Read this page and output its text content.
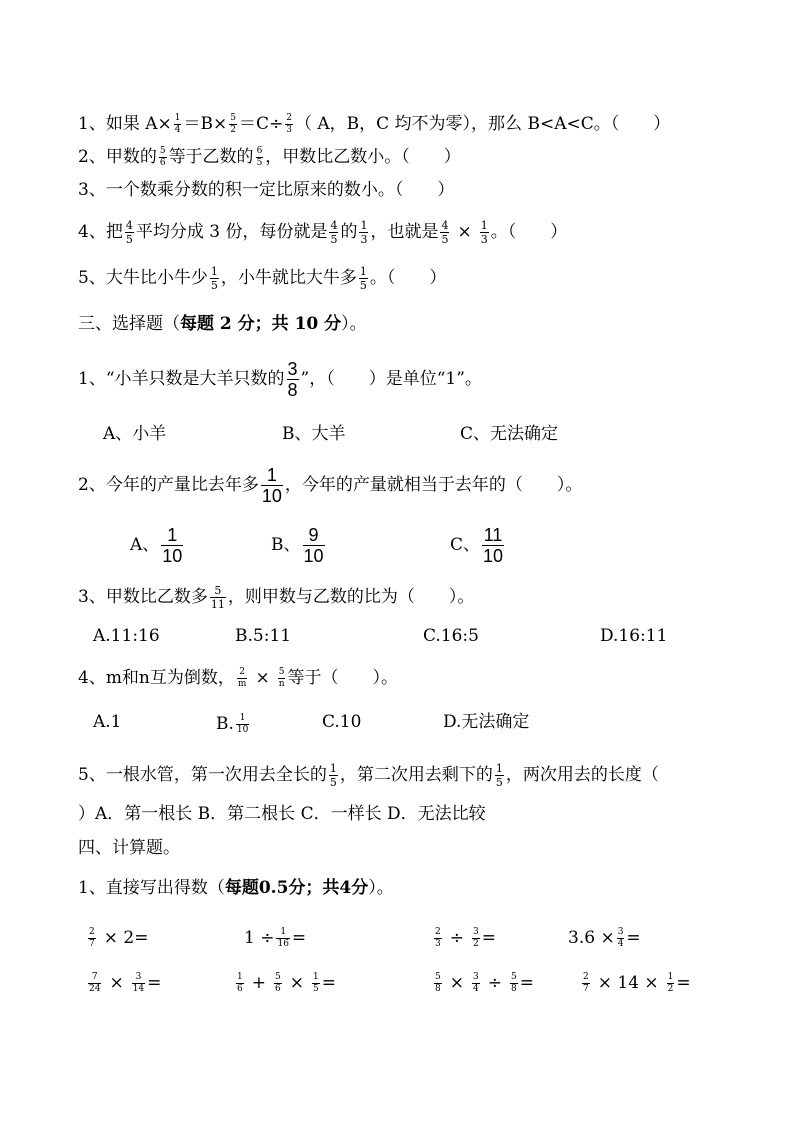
1、如果 $A\times \frac{1}{4} =B\times \frac{5}{2} =C\div \frac{2}{3}$ （ A，B，C 均不为零），那么 B<A<C。（　　）
2、甲数的 $\frac{5}{6}$ 等于乙数的 $\frac{6}{5}$ ，甲数比乙数小。（　　）
3、一个数乘分数的积一定比原来的数小。（　　）
4、把 $\frac{4}{5}$ 平均分成 3 份，每份就是 $\frac{4}{5}$ 的 $\frac{1}{3}$ ，也就是 $\frac{4}{5} \times \frac{1}{3}$ 。（　　）
5、大牛比小牛少 $\frac{1}{5}$ ，小牛就比大牛多 $\frac{1}{5}$ 。（　　）
三、选择题（每题 2 分；共 10 分）。
1、“小羊只数是大羊只数的 $\frac{3}{8}$ ”，（　　）是单位“1”。
A、小羊	B、大羊	C、无法确定
2、今年的产量比去年多 $\frac{1}{10}$ ，今年的产量就相当于去年的（　　）。
A、 $\frac{1}{10}$	B、 $\frac{9}{10}$	C、 $\frac{11}{10}$
3、甲数比乙数多 $\frac{5}{11}$ ，则甲数与乙数的比为（　　）。
A.11:16	B.5:11	C.16:5	D.16:11
4、m和n互为倒数， $\frac{2}{m} \times \frac{5}{n}$ 等于（　　）。
A.1	B. $\frac{1}{10}$	C.10	D.无法确定
5、一根水管，第一次用去全长的 $\frac{1}{5}$ ，第二次用去剩下的 $\frac{1}{5}$ ，两次用去的长度（
）A．第一根长 B．第二根长 C．一样长 D．无法比较
四、计算题。
1、直接写出得数（每题0.5分；共4分）。
$\frac{2}{7} \times 2=$	$1 \div \frac{1}{16}$ =	$\frac{2}{3} \div \frac{3}{2}$ =	$3.6 \times \frac{3}{4}$ =
$\frac{7}{24} \times \frac{3}{14}$ =	$\frac{1}{6} + \frac{5}{6} \times \frac{1}{5}$ =	$\frac{5}{8} \times \frac{3}{4} \div \frac{5}{8}$ =	$\frac{2}{7} \times 14 \times \frac{1}{2}$ =
